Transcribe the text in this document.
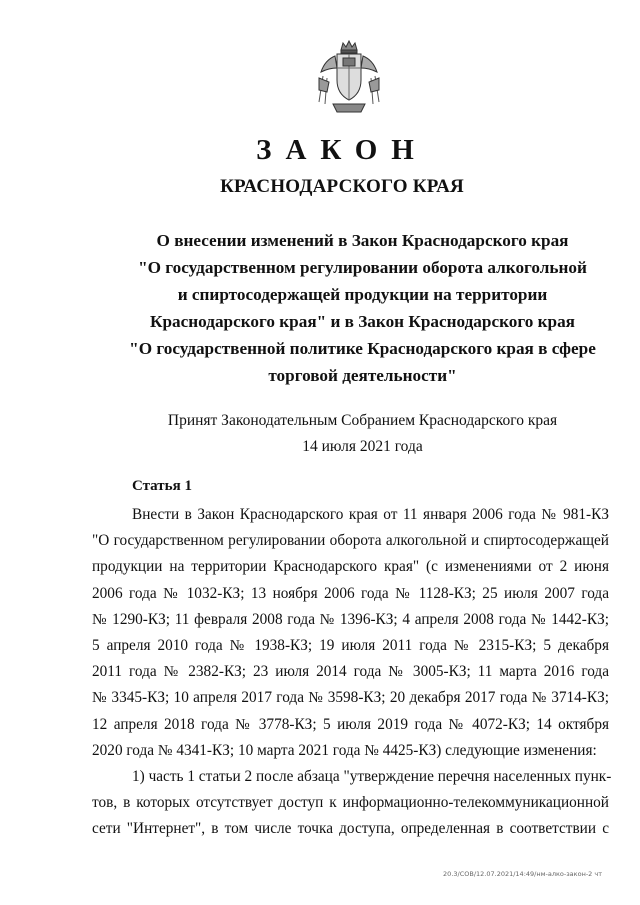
ЗАКОН
КРАСНОДАРСКОГО КРАЯ
О внесении изменений в Закон Краснодарского края
"О государственном регулировании оборота алкогольной
и спиртосодержащей продукции на территории
Краснодарского края" и в Закон Краснодарского края
"О государственной политике Краснодарского края в сфере
торговой деятельности"
Принят Законодательным Собранием Краснодарского края
14 июля 2021 года
Статья 1
Внести в Закон Краснодарского края от 11 января 2006 года № 981-КЗ
"О государственном регулировании оборота алкогольной и спиртосодержащей
продукции на территории Краснодарского края" (с изменениями от 2 июня
2006 года № 1032-КЗ; 13 ноября 2006 года № 1128-КЗ; 25 июля 2007 года
№ 1290-КЗ; 11 февраля 2008 года № 1396-КЗ; 4 апреля 2008 года № 1442-КЗ;
5 апреля 2010 года № 1938-КЗ; 19 июля 2011 года № 2315-КЗ; 5 декабря
2011 года № 2382-КЗ; 23 июля 2014 года № 3005-КЗ; 11 марта 2016 года
№ 3345-КЗ; 10 апреля 2017 года № 3598-КЗ; 20 декабря 2017 года № 3714-КЗ;
12 апреля 2018 года № 3778-КЗ; 5 июля 2019 года № 4072-КЗ; 14 октября
2020 года № 4341-КЗ; 10 марта 2021 года № 4425-КЗ) следующие изменения:
1) часть 1 статьи 2 после абзаца "утверждение перечня населенных пунк-
тов, в которых отсутствует доступ к информационно-телекоммуникационной
сети "Интернет", в том числе точка доступа, определенная в соответствии с
20.3/СОВ/12.07.2021/14:49/нм-алко-закон-2 чт
